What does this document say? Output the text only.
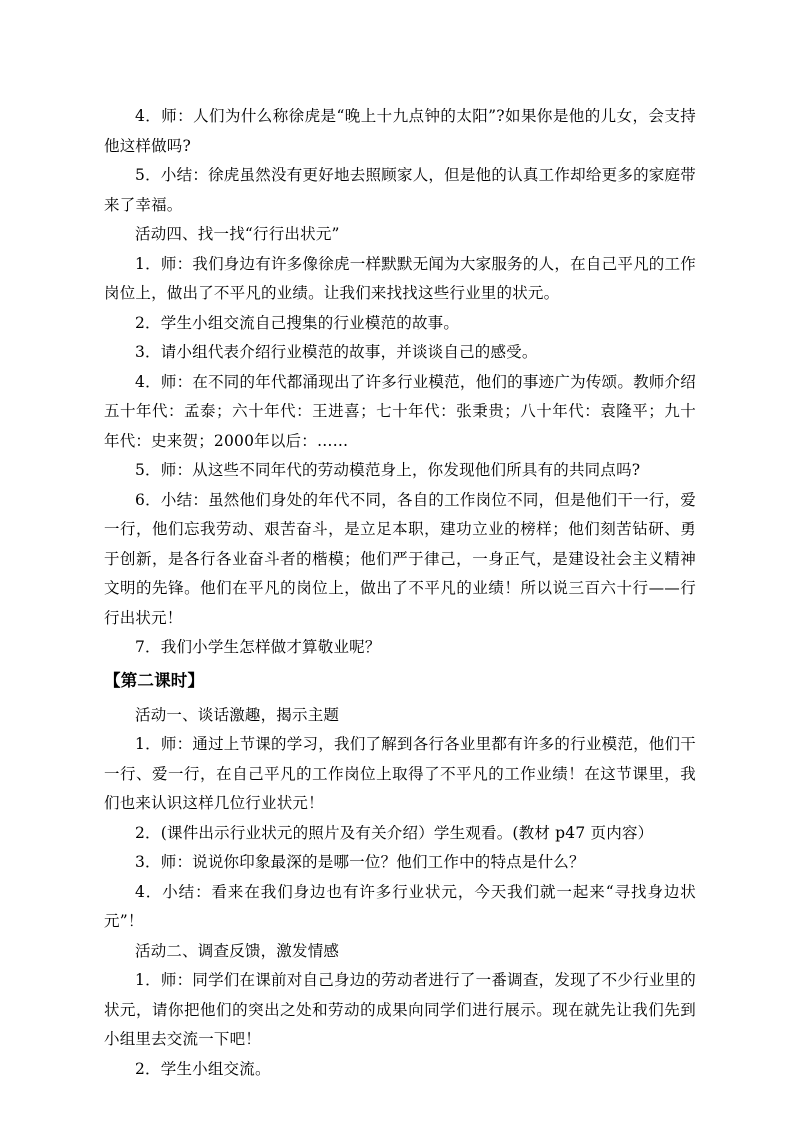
4．师：人们为什么称徐虎是“晚上十九点钟的太阳”?如果你是他的儿女，会支持他这样做吗?

5．小结：徐虎虽然没有更好地去照顾家人，但是他的认真工作却给更多的家庭带来了幸福。

活动四、找一找“行行出状元”

1．师：我们身边有许多像徐虎一样默默无闻为大家服务的人，在自己平凡的工作岗位上，做出了不平凡的业绩。让我们来找找这些行业里的状元。

2．学生小组交流自己搜集的行业模范的故事。

3．请小组代表介绍行业模范的故事，并谈谈自己的感受。

4．师：在不同的年代都涌现出了许多行业模范，他们的事迹广为传颂。教师介绍五十年代：孟泰；六十年代：王进喜；七十年代：张秉贵；八十年代：袁隆平；九十年代：史来贺；2000年以后：……

5．师：从这些不同年代的劳动模范身上，你发现他们所具有的共同点吗?

6．小结：虽然他们身处的年代不同，各自的工作岗位不同，但是他们干一行，爱一行，他们忘我劳动、艰苦奋斗，是立足本职，建功立业的榜样；他们刻苦钻研、勇于创新，是各行各业奋斗者的楷模；他们严于律己，一身正气，是建设社会主义精神文明的先锋。他们在平凡的岗位上，做出了不平凡的业绩！所以说三百六十行——行行出状元！

7．我们小学生怎样做才算敬业呢？

【第二课时】

活动一、谈话激趣，揭示主题

1．师：通过上节课的学习，我们了解到各行各业里都有许多的行业模范，他们干一行、爱一行，在自己平凡的工作岗位上取得了不平凡的工作业绩！在这节课里，我们也来认识这样几位行业状元！

2．(课件出示行业状元的照片及有关介绍）学生观看。(教材 p47 页内容）

3．师：说说你印象最深的是哪一位？他们工作中的特点是什么？

4．小结：看来在我们身边也有许多行业状元，今天我们就一起来“寻找身边状元”！

活动二、调查反馈，激发情感

1．师：同学们在课前对自己身边的劳动者进行了一番调查，发现了不少行业里的状元，请你把他们的突出之处和劳动的成果向同学们进行展示。现在就先让我们先到小组里去交流一下吧！

2．学生小组交流。
